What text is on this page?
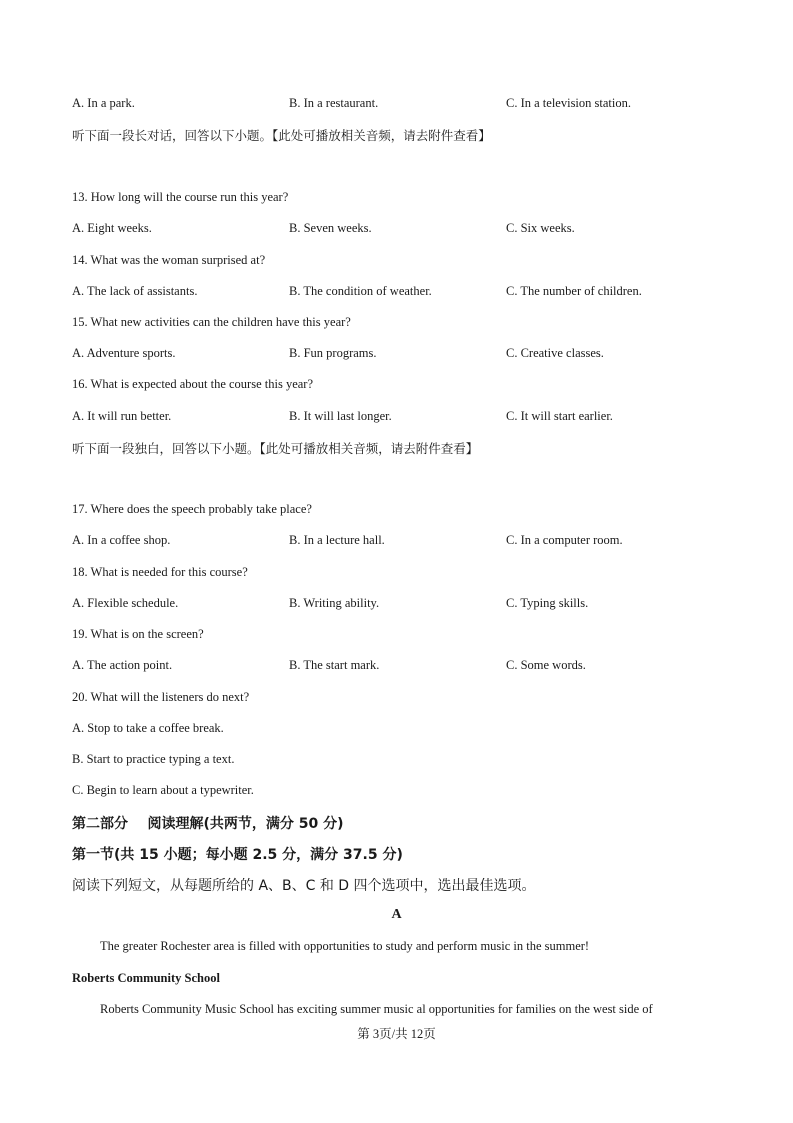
A. In a park.	B. In a restaurant.	C. In a television station.
听下面一段长对话，回答以下小题。【此处可播放相关音频，请去附件查看】
13. How long will the course run this year?
A. Eight weeks.	B. Seven weeks.	C. Six weeks.
14. What was the woman surprised at?
A. The lack of assistants.	B. The condition of weather.	C. The number of children.
15. What new activities can the children have this year?
A. Adventure sports.	B. Fun programs.	C. Creative classes.
16. What is expected about the course this year?
A. It will run better.	B. It will last longer.	C. It will start earlier.
听下面一段独白，回答以下小题。【此处可播放相关音频，请去附件查看】
17. Where does the speech probably take place?
A. In a coffee shop.	B. In a lecture hall.	C. In a computer room.
18. What is needed for this course?
A. Flexible schedule.	B. Writing ability.	C. Typing skills.
19. What is on the screen?
A. The action point.	B. The start mark.	C. Some words.
20. What will the listeners do next?
A. Stop to take a coffee break.
B. Start to practice typing a text.
C. Begin to learn about a typewriter.
第二部分    阅读理解(共两节，满分 50 分)
第一节(共 15 小题；每小题 2.5 分，满分 37.5 分)
阅读下列短文，从每题所给的 A、B、C 和 D 四个选项中，选出最佳选项。
A
The greater Rochester area is filled with opportunities to study and perform music in the summer!
Roberts Community School
Roberts Community Music School has exciting summer music al opportunities for families on the west side of
第 3页/共 12页
